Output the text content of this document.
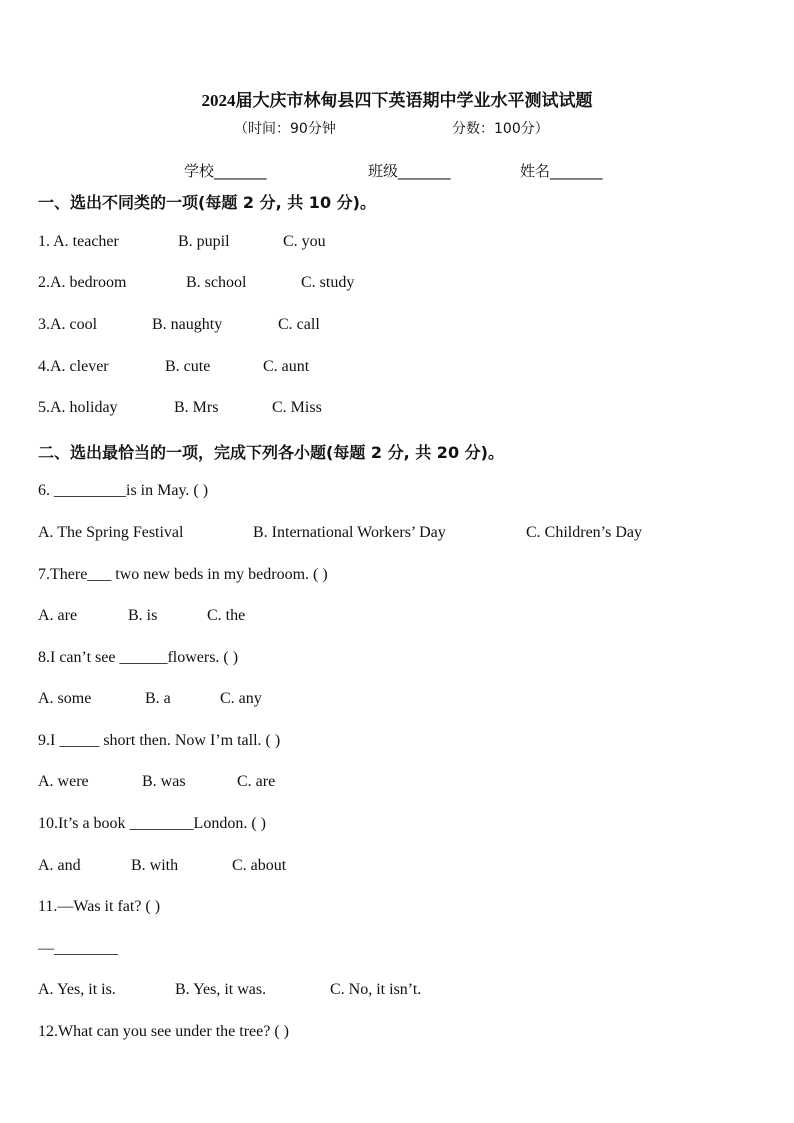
2024届大庆市林甸县四下英语期中学业水平测试试题
（时间：90分钟	分数：100分）
学校_______	班级_______	姓名_______
一、选出不同类的一项(每题 2 分, 共 10 分)。
1. A. teacher	B. pupil	C. you
2.A. bedroom	B. school	C. study
3.A. cool	B. naughty	C. call
4.A. clever	B. cute	C. aunt
5.A. holiday	B. Mrs	C. Miss
二、选出最恰当的一项，完成下列各小题(每题 2 分, 共 20 分)。
6. _________is in May. ( )
A. The Spring Festival	B. International Workers’ Day	C. Children’s Day
7.There___ two new beds in my bedroom. ( )
A. are	B. is	C. the
8.I can’t see ______flowers. ( )
A. some	B. a	C. any
9.I _____ short then. Now I’m tall. ( )
A. were	B. was	C. are
10.It’s a book ________London. ( )
A. and	B. with	C. about
11.—Was it fat? ( )
—________
A. Yes, it is.	B. Yes, it was.	C. No, it isn’t.
12.What can you see under the tree? ( )
